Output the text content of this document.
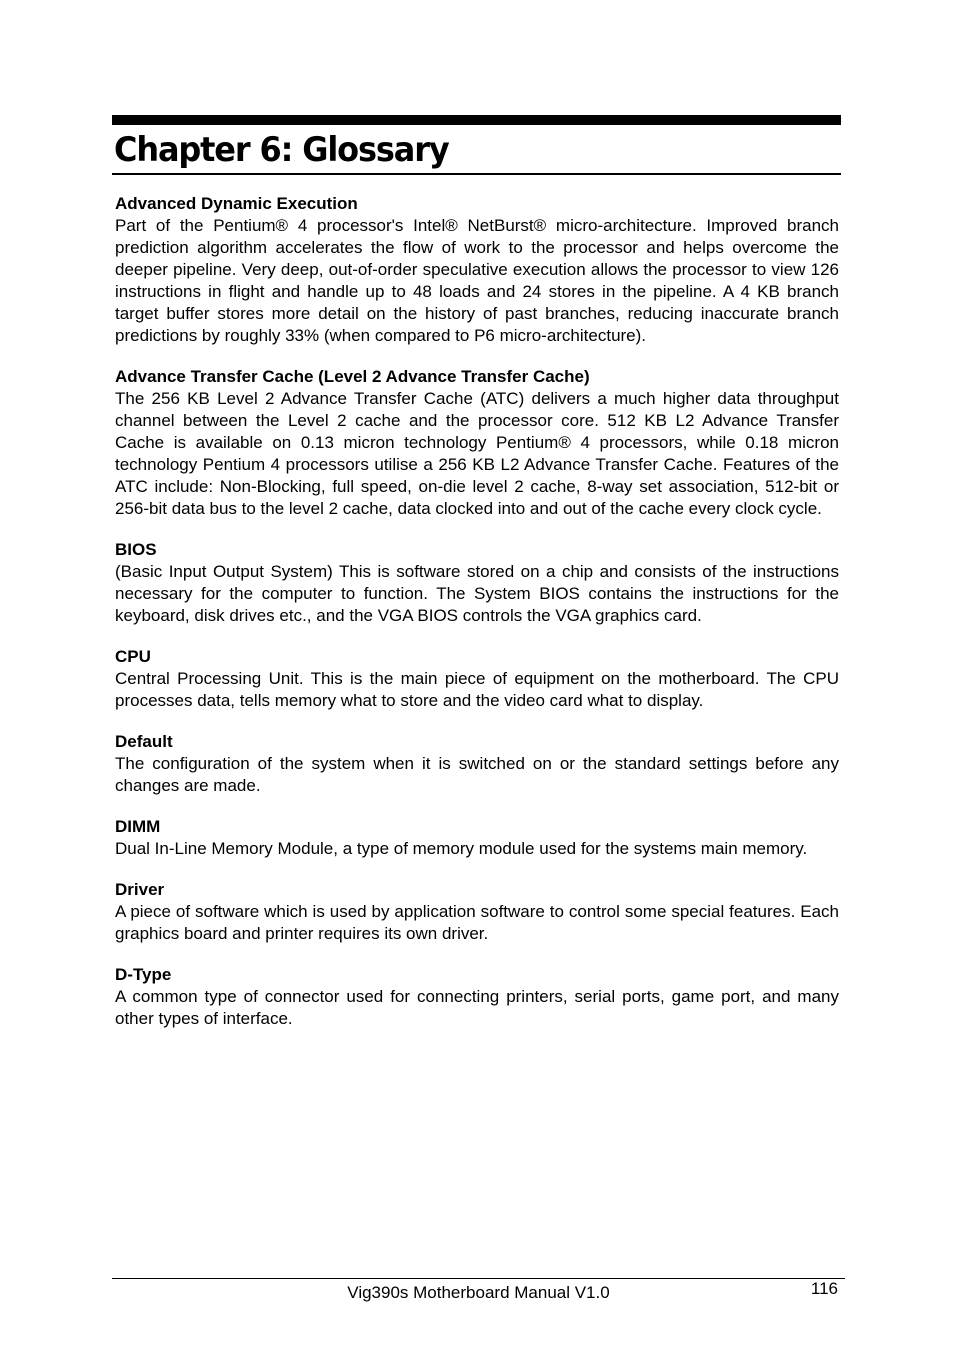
Chapter 6: Glossary

Advanced Dynamic Execution

Part of the Pentium® 4 processor's Intel® NetBurst® micro-architecture. Improved branch prediction algorithm accelerates the flow of work to the processor and helps overcome the deeper pipeline. Very deep, out-of-order speculative execution allows the processor to view 126 instructions in flight and handle up to 48 loads and 24 stores in the pipeline. A 4 KB branch target buffer stores more detail on the history of past branches, reducing inaccurate branch predictions by roughly 33% (when compared to P6 micro-architecture).

Advance Transfer Cache (Level 2 Advance Transfer Cache)

The 256 KB Level 2 Advance Transfer Cache (ATC) delivers a much higher data throughput channel between the Level 2 cache and the processor core. 512 KB L2 Advance Transfer Cache is available on 0.13 micron technology Pentium® 4 processors, while 0.18 micron technology Pentium 4 processors utilise a 256 KB L2 Advance Transfer Cache. Features of the ATC include: Non-Blocking, full speed, on-die level 2 cache, 8-way set association, 512-bit or 256-bit data bus to the level 2 cache, data clocked into and out of the cache every clock cycle.

BIOS

(Basic Input Output System) This is software stored on a chip and consists of the instructions necessary for the computer to function. The System BIOS contains the instructions for the keyboard, disk drives etc., and the VGA BIOS controls the VGA graphics card.

CPU

Central Processing Unit. This is the main piece of equipment on the motherboard. The CPU processes data, tells memory what to store and the video card what to display.

Default

The configuration of the system when it is switched on or the standard settings before any changes are made.

DIMM

Dual In-Line Memory Module, a type of memory module used for the systems main memory.

Driver

A piece of software which is used by application software to control some special features. Each graphics board and printer requires its own driver.

D-Type

A common type of connector used for connecting printers, serial ports, game port, and many other types of interface.

Vig390s Motherboard Manual V1.0	116
